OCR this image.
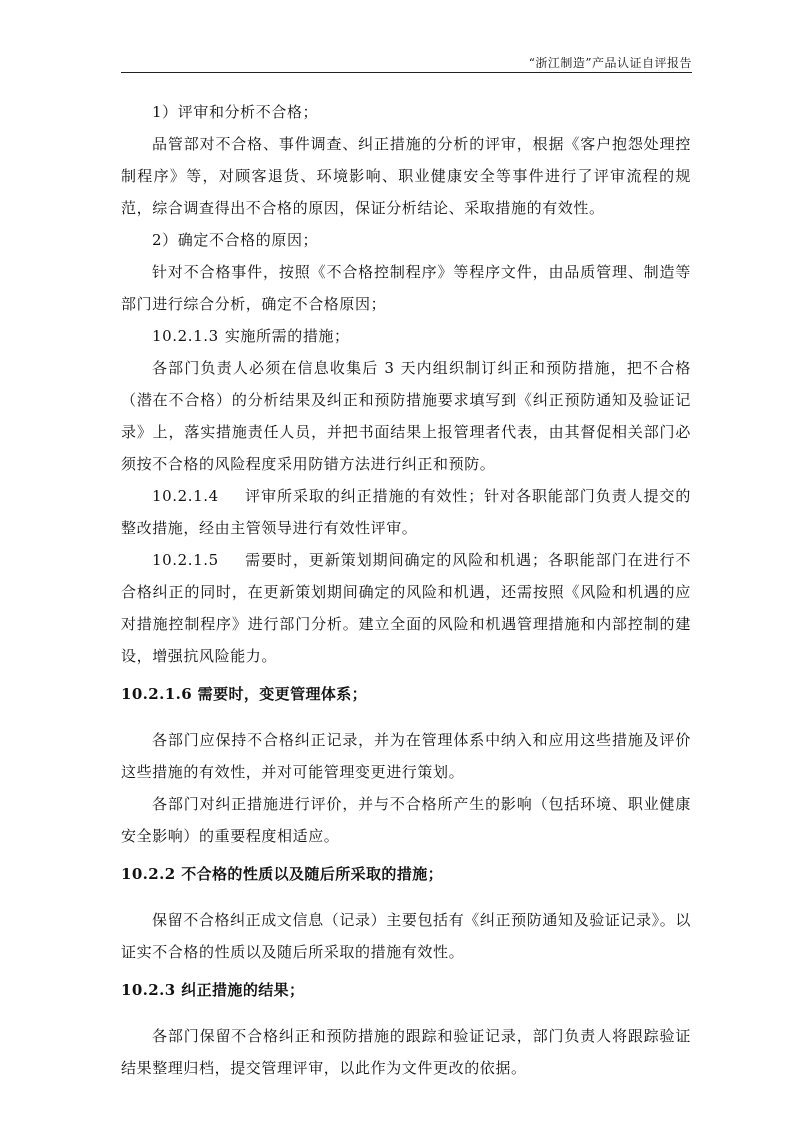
“浙江制造”产品认证自评报告

1）评审和分析不合格；

品管部对不合格、事件调查、纠正措施的分析的评审，根据《客户抱怨处理控制程序》等，对顾客退货、环境影响、职业健康安全等事件进行了评审流程的规范，综合调查得出不合格的原因，保证分析结论、采取措施的有效性。

2）确定不合格的原因；

针对不合格事件，按照《不合格控制程序》等程序文件，由品质管理、制造等部门进行综合分析，确定不合格原因；

10.2.1.3 实施所需的措施；

各部门负责人必须在信息收集后 3 天内组织制订纠正和预防措施，把不合格（潜在不合格）的分析结果及纠正和预防措施要求填写到《纠正预防通知及验证记录》上，落实措施责任人员，并把书面结果上报管理者代表，由其督促相关部门必须按不合格的风险程度采用防错方法进行纠正和预防。

10.2.1.4 评审所采取的纠正措施的有效性；针对各职能部门负责人提交的整改措施，经由主管领导进行有效性评审。

10.2.1.5 需要时，更新策划期间确定的风险和机遇；各职能部门在进行不合格纠正的同时，在更新策划期间确定的风险和机遇，还需按照《风险和机遇的应对措施控制程序》进行部门分析。建立全面的风险和机遇管理措施和内部控制的建设，增强抗风险能力。

10.2.1.6 需要时，变更管理体系；

各部门应保持不合格纠正记录，并为在管理体系中纳入和应用这些措施及评价这些措施的有效性，并对可能管理变更进行策划。

各部门对纠正措施进行评价，并与不合格所产生的影响（包括环境、职业健康安全影响）的重要程度相适应。

10.2.2 不合格的性质以及随后所采取的措施；

保留不合格纠正成文信息（记录）主要包括有《纠正预防通知及验证记录》。以证实不合格的性质以及随后所采取的措施有效性。

10.2.3 纠正措施的结果；

各部门保留不合格纠正和预防措施的跟踪和验证记录，部门负责人将跟踪验证结果整理归档，提交管理评审，以此作为文件更改的依据。
